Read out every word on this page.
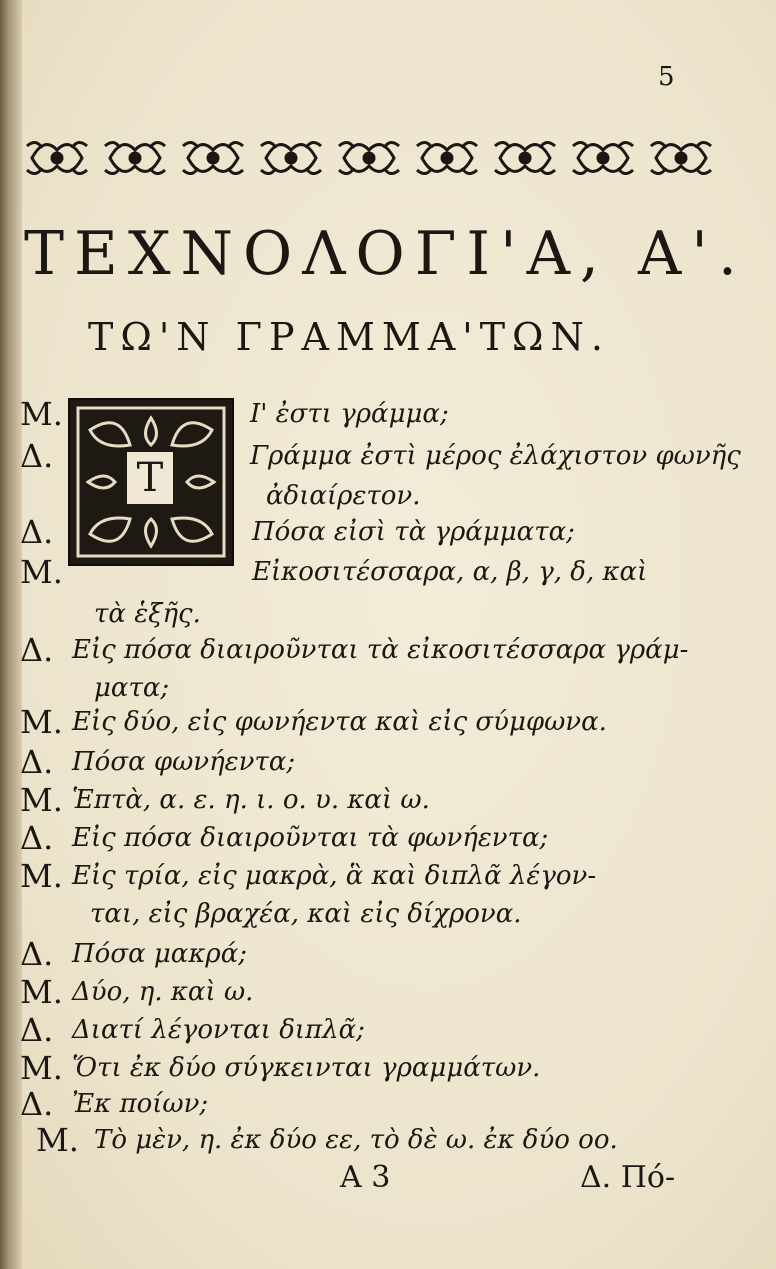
5
ΤΕΧΝΟΛΟΓΙ'Α, Α'.
ΤΩ'Ν ΓΡΑΜΜΑ'ΤΩΝ.
Τ
Μ.	Ι' ἐστι γράμμα;
Δ.	Γράμμα ἐστὶ μέρος ἐλάχιστον φωνῆς
ἀδιαίρετον.
Δ.	Πόσα εἰσὶ τὰ γράμματα;
Μ.	Εἰκοσιτέσσαρα, α, β, γ, δ, καὶ
τὰ ἑξῆς.
Δ. Εἰς πόσα διαιροῦνται τὰ εἰκοσιτέσσαρα γράμ-
ματα;
Μ. Εἰς δύο, εἰς φωνήεντα καὶ εἰς σύμφωνα.
Δ. Πόσα φωνήεντα;
Μ. Ἑπτὰ, α. ε. η. ι. ο. υ. καὶ ω.
Δ. Εἰς πόσα διαιροῦνται τὰ φωνήεντα;
Μ. Εἰς τρία, εἰς μακρὰ, ἃ καὶ διπλᾶ λέγον-
ται, εἰς βραχέα, καὶ εἰς δίχρονα.
Δ. Πόσα μακρά;
Μ. Δύο, η. καὶ ω.
Δ. Διατί λέγονται διπλᾶ;
Μ. Ὅτι ἐκ δύο σύγκεινται γραμμάτων.
Δ. Ἐκ ποίων;
Μ. Τὸ μὲν, η. ἐκ δύο εε, τὸ δὲ ω. ἐκ δύο οο.
Α 3	Δ. Πό-
